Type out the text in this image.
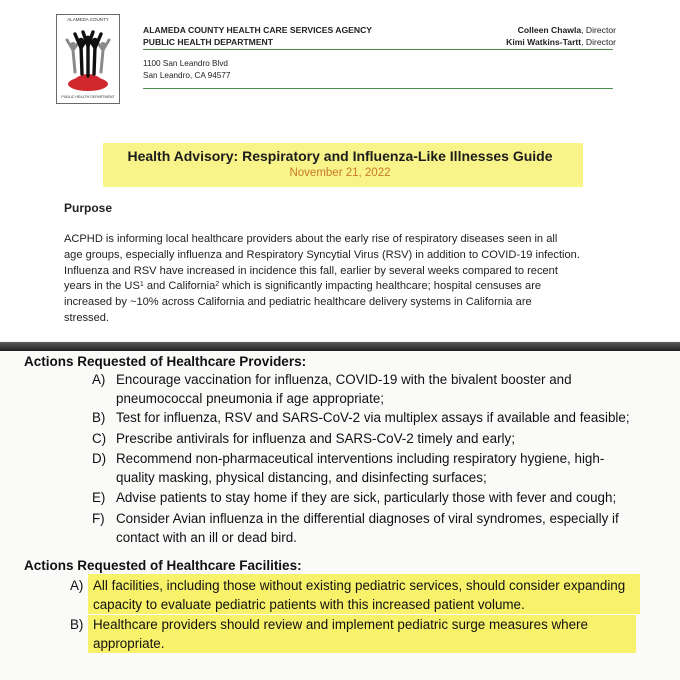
ALAMEDA COUNTY
PUBLIC HEALTH DEPARTMENT
ALAMEDA COUNTY HEALTH CARE SERVICES AGENCY
PUBLIC HEALTH DEPARTMENT
Colleen Chawla, Director
Kimi Watkins-Tartt, Director
1100 San Leandro Blvd
San Leandro, CA 94577
Health Advisory: Respiratory and Influenza-Like Illnesses Guide
November 21, 2022
Purpose
ACPHD is informing local healthcare providers about the early rise of respiratory diseases seen in all
age groups, especially influenza and Respiratory Syncytial Virus (RSV) in addition to COVID-19 infection.
Influenza and RSV have increased in incidence this fall, earlier by several weeks compared to recent
years in the $US^1$ and California$^2$ which is significantly impacting healthcare; hospital censuses are
increased by ~10% across California and pediatric healthcare delivery systems in California are
stressed.
Actions Requested of Healthcare Providers:
A) Encourage vaccination for influenza, COVID-19 with the bivalent booster and
pneumococcal pneumonia if age appropriate;
B) Test for influenza, RSV and SARS-CoV-2 via multiplex assays if available and feasible;
C) Prescribe antivirals for influenza and SARS-CoV-2 timely and early;
D) Recommend non-pharmaceutical interventions including respiratory hygiene, high-
quality masking, physical distancing, and disinfecting surfaces;
E) Advise patients to stay home if they are sick, particularly those with fever and cough;
F) Consider Avian influenza in the differential diagnoses of viral syndromes, especially if
contact with an ill or dead bird.
Actions Requested of Healthcare Facilities:
A) All facilities, including those without existing pediatric services, should consider expanding
capacity to evaluate pediatric patients with this increased patient volume.
B) Healthcare providers should review and implement pediatric surge measures where
appropriate.
